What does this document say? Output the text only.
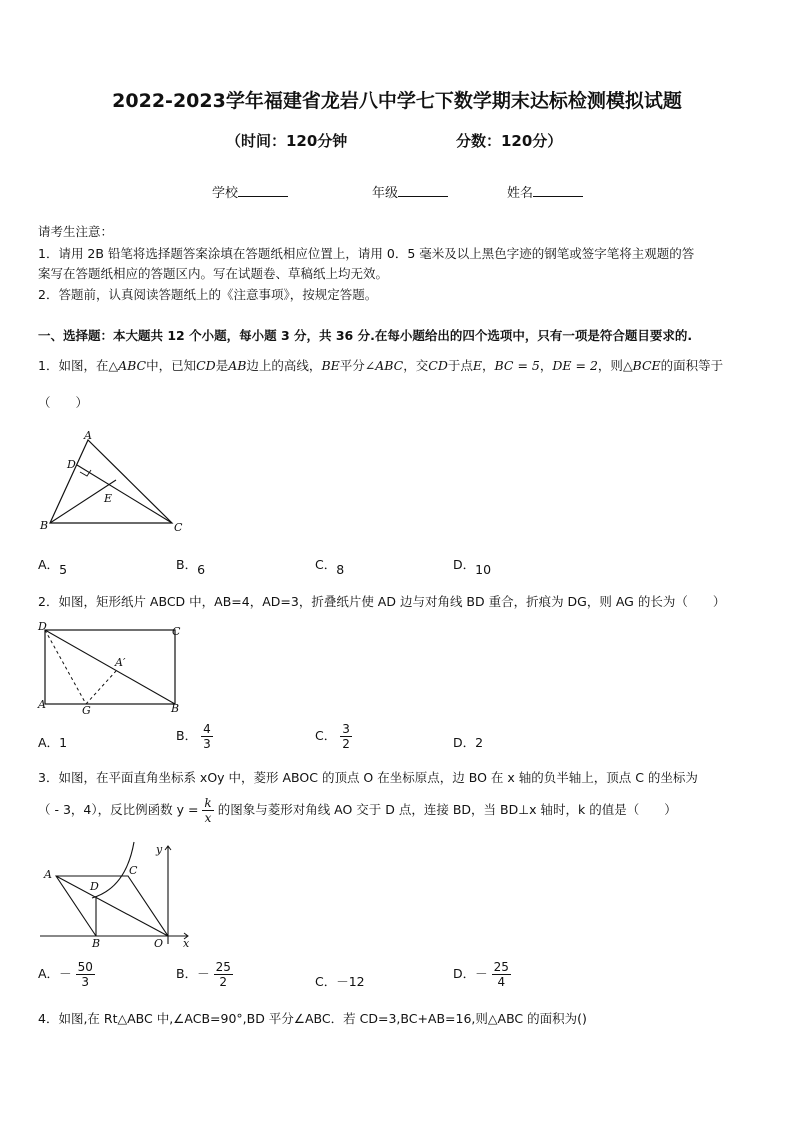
2022-2023学年福建省龙岩八中学七下数学期末达标检测模拟试题
（时间：120分钟	分数：120分）
学校	年级	姓名
请考生注意：
1．请用 2B 铅笔将选择题答案涂填在答题纸相应位置上，请用 0．5 毫米及以上黑色字迹的钢笔或签字笔将主观题的答
案写在答题纸相应的答题区内。写在试题卷、草稿纸上均无效。
2．答题前，认真阅读答题纸上的《注意事项》，按规定答题。
一、选择题：本大题共 12 个小题，每小题 3 分，共 36 分.在每小题给出的四个选项中，只有一项是符合题目要求的.
1．如图，在△ABC中，已知CD是AB边上的高线，BE平分∠ABC，交CD于点E，BC = 5，DE = 2，则△BCE的面积等于
（　　）
A
D
E
B	C
A．5	B．6	C．8	D．10
2．如图，矩形纸片 ABCD 中，AB=4，AD=3，折叠纸片使 AD 边与对角线 BD 重合，折痕为 DG，则 AG 的长为（　　）
D	C
A	B
G
A′
A．1	B． $\frac{4}{3}$	C． $\frac{3}{2}$	D．2
3．如图，在平面直角坐标系 xOy 中，菱形 ABOC 的顶点 O 在坐标原点，边 BO 在 x 轴的负半轴上，顶点 C 的坐标为
（ - 3，4），反比例函数 $y = \frac{k}{x}$ 的图象与菱形对角线 AO 交于 D 点，连接 BD，当 BD⊥x 轴时，k 的值是（　　）
A	C
D
B	O x
y
A．－ $\frac{50}{3}$	B．－ $\frac{25}{2}$	C．－12
D．－ $\frac{25}{4}$
4．如图,在 Rt△ABC 中,∠ACB=90°,BD 平分∠ABC．若 CD=3,BC+AB=16,则△ABC 的面积为()
